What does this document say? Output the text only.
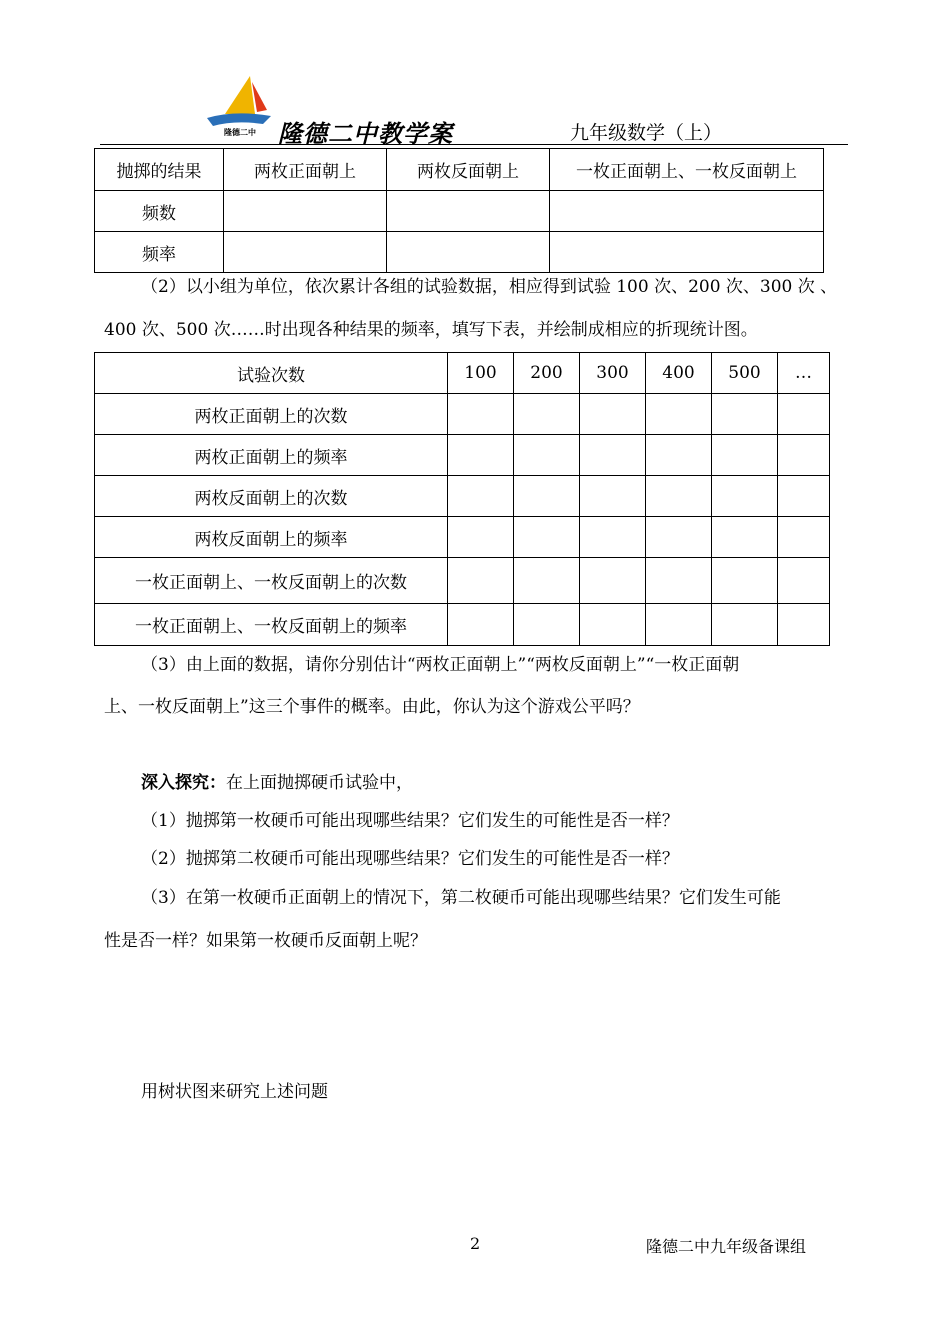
隆德二中 隆德二中教学案	九年级数学（上）
抛掷的结果	两枚正面朝上	两枚反面朝上	一枚正面朝上、一枚反面朝上
频数			
频率			
（2）以小组为单位，依次累计各组的试验数据，相应得到试验 100 次、200 次、300 次 、
400 次、500 次……时出现各种结果的频率，填写下表，并绘制成相应的折现统计图。
试验次数	100	200	300	400	500	…
两枚正面朝上的次数						
两枚正面朝上的频率						
两枚反面朝上的次数						
两枚反面朝上的频率						
一枚正面朝上、一枚反面朝上的次数						
一枚正面朝上、一枚反面朝上的频率						
（3）由上面的数据，请你分别估计“两枚正面朝上”“两枚反面朝上”“一枚正面朝
上、一枚反面朝上”这三个事件的概率。由此，你认为这个游戏公平吗？
深入探究：在上面抛掷硬币试验中，
（1）抛掷第一枚硬币可能出现哪些结果？它们发生的可能性是否一样？
（2）抛掷第二枚硬币可能出现哪些结果？它们发生的可能性是否一样？
（3）在第一枚硬币正面朝上的情况下，第二枚硬币可能出现哪些结果？它们发生可能
性是否一样？如果第一枚硬币反面朝上呢？
用树状图来研究上述问题
2	隆德二中九年级备课组
